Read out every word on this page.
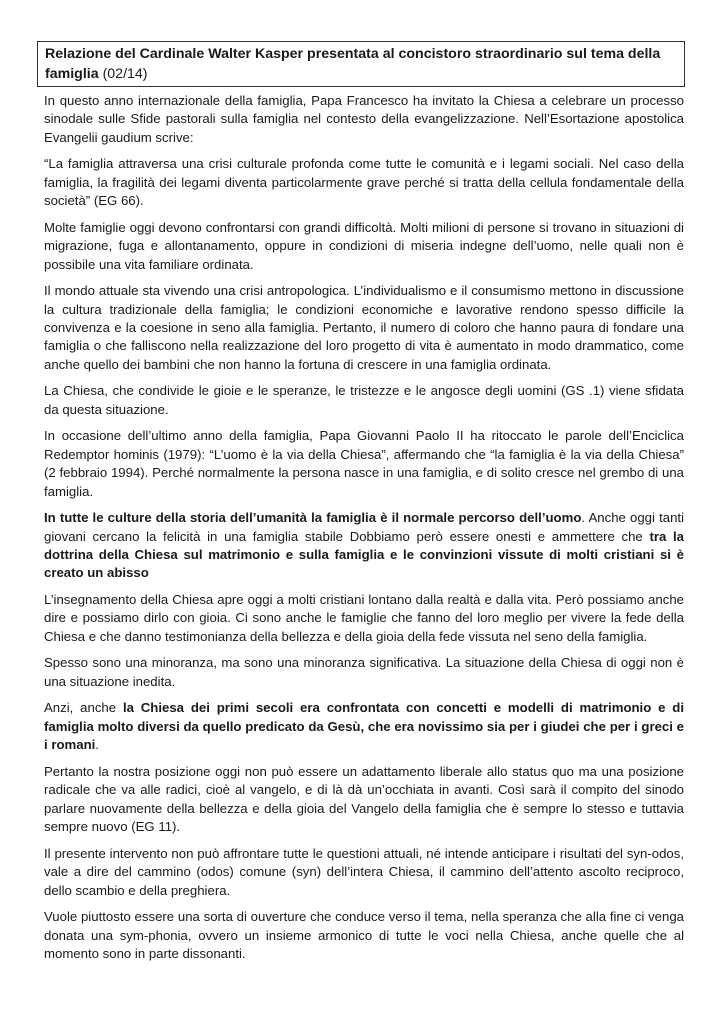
Relazione del Cardinale Walter Kasper presentata al concistoro straordinario sul tema della famiglia (02/14)

In questo anno internazionale della famiglia, Papa Francesco ha invitato la Chiesa a celebrare un processo sinodale sulle Sfide pastorali sulla famiglia nel contesto della evangelizzazione. Nell’Esortazione apostolica Evangelii gaudium scrive:

“La famiglia attraversa una crisi culturale profonda come tutte le comunità e i legami sociali. Nel caso della famiglia, la fragilità dei legami diventa particolarmente grave perché si tratta della cellula fondamentale della società” (EG 66).

Molte famiglie oggi devono confrontarsi con grandi difficoltà. Molti milioni di persone si trovano in situazioni di migrazione, fuga e allontanamento, oppure in condizioni di miseria indegne dell’uomo, nelle quali non è possibile una vita familiare ordinata.

Il mondo attuale sta vivendo una crisi antropologica. L’individualismo e il consumismo mettono in discussione la cultura tradizionale della famiglia; le condizioni economiche e lavorative rendono spesso difficile la convivenza e la coesione in seno alla famiglia. Pertanto, il numero di coloro che hanno paura di fondare una famiglia o che falliscono nella realizzazione del loro progetto di vita è aumentato in modo drammatico, come anche quello dei bambini che non hanno la fortuna di crescere in una famiglia ordinata.

La Chiesa, che condivide le gioie e le speranze, le tristezze e le angosce degli uomini (GS .1) viene sfidata da questa situazione.

In occasione dell’ultimo anno della famiglia, Papa Giovanni Paolo II ha ritoccato le parole dell’Enciclica Redemptor hominis (1979): “L’uomo è la via della Chiesa”, affermando che “la famiglia è la via della Chiesa” (2 febbraio 1994). Perché normalmente la persona nasce in una famiglia, e di solito cresce nel grembo di una famiglia.

In tutte le culture della storia dell’umanità la famiglia è il normale percorso dell’uomo. Anche oggi tanti giovani cercano la felicità in una famiglia stabile Dobbiamo però essere onesti e ammettere che tra la dottrina della Chiesa sul matrimonio e sulla famiglia e le convinzioni vissute di molti cristiani si è creato un abisso

L’insegnamento della Chiesa apre oggi a molti cristiani lontano dalla realtà e dalla vita. Però possiamo anche dire e possiamo dirlo con gioia. Ci sono anche le famiglie che fanno del loro meglio per vivere la fede della Chiesa e che danno testimonianza della bellezza e della gioia della fede vissuta nel seno della famiglia.

Spesso sono una minoranza, ma sono una minoranza significativa. La situazione della Chiesa di oggi non è una situazione inedita.

Anzi, anche la Chiesa dei primi secoli era confrontata con concetti e modelli di matrimonio e di famiglia molto diversi da quello predicato da Gesù, che era novissimo sia per i giudei che per i greci e i romani.

Pertanto la nostra posizione oggi non può essere un adattamento liberale allo status quo ma una posizione radicale che va alle radici, cioè al vangelo, e di là dà un’occhiata in avanti. Così sarà il compito del sinodo parlare nuovamente della bellezza e della gioia del Vangelo della famiglia che è sempre lo stesso e tuttavia sempre nuovo (EG 11).

Il presente intervento non può affrontare tutte le questioni attuali, né intende anticipare i risultati del syn-odos, vale a dire del cammino (odos) comune (syn) dell’intera Chiesa, il cammino dell’attento ascolto reciproco, dello scambio e della preghiera.

Vuole piuttosto essere una sorta di ouverture che conduce verso il tema, nella speranza che alla fine ci venga donata una sym-phonia, ovvero un insieme armonico di tutte le voci nella Chiesa, anche quelle che al momento sono in parte dissonanti.
